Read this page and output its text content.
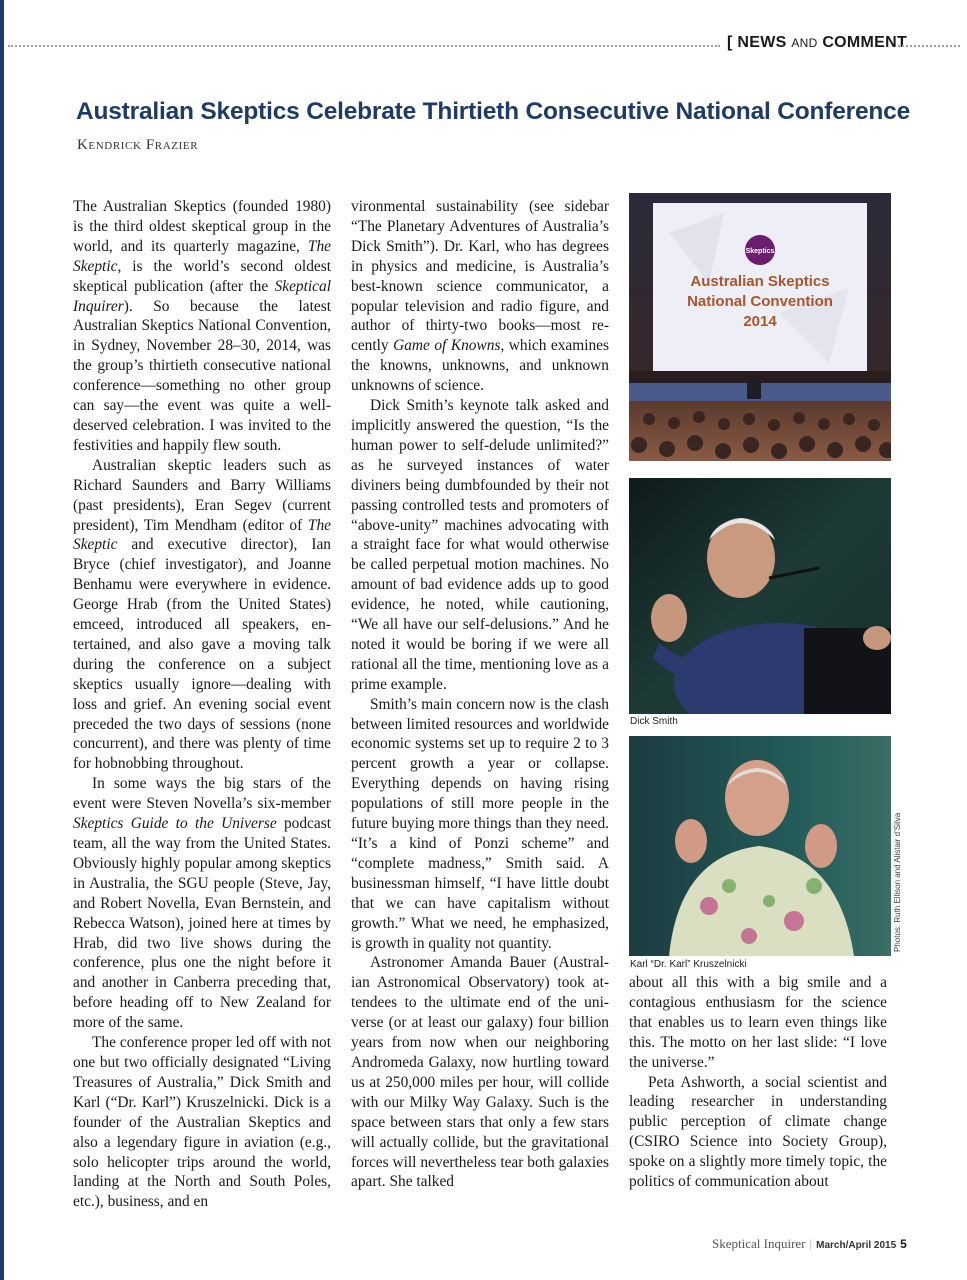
[ NEWS AND COMMENT
Australian Skeptics Celebrate Thirtieth Consecutive National Conference
Kendrick Frazier

The Australian Skeptics (founded 1980) is the third oldest skeptical group in the world, and its quarterly magazine, The Skeptic, is the world’s second oldest skeptical publication (after the Skeptical Inquirer). So because the latest Australian Skeptics National Convention, in Sydney, November 28–30, 2014, was the group’s thirtieth consecutive national conference—something no other group can say—the event was quite a well-deserved celebration. I was invited to the festivities and happily flew south.

Australian skeptic leaders such as Richard Saunders and Barry Williams (past presidents), Eran Segev (current president), Tim Mendham (editor of The Skeptic and executive director), Ian Bryce (chief investigator), and Joanne Benhamu were everywhere in evidence. George Hrab (from the United States) emceed, introduced all speakers, entertained, and also gave a moving talk during the conference on a subject skeptics usually ignore—dealing with loss and grief. An evening social event preceded the two days of sessions (none concurrent), and there was plenty of time for hobnobbing throughout.

In some ways the big stars of the event were Steven Novella’s six-member Skeptics Guide to the Universe podcast team, all the way from the United States. Obviously highly popular among skeptics in Australia, the SGU people (Steve, Jay, and Robert Novella, Evan Bernstein, and Rebecca Watson), joined here at times by Hrab, did two live shows during the conference, plus one the night before it and another in Canberra preceding that, before heading off to New Zealand for more of the same.

The conference proper led off with not one but two officially designated “Living Treasures of Australia,” Dick Smith and Karl (“Dr. Karl”) Kruszelnicki. Dick is a founder of the Australian Skeptics and also a legendary figure in aviation (e.g., solo helicopter trips around the world, landing at the North and South Poles, etc.), business, and en

vironmental sustainability (see sidebar “The Planetary Adventures of Australia’s Dick Smith”). Dr. Karl, who has degrees in physics and medicine, is Australia’s best-known science communicator, a popular television and radio figure, and author of thirty-two books—most recently Game of Knowns, which examines the knowns, unknowns, and unknown unknowns of science.

Dick Smith’s keynote talk asked and implicitly answered the question, “Is the human power to self-delude unlimited?” as he surveyed instances of water diviners being dumbfounded by their not passing controlled tests and promoters of “above-unity” machines advocating with a straight face for what would otherwise be called perpetual motion machines. No amount of bad evidence adds up to good evidence, he noted, while cautioning, “We all have our self-delusions.” And he noted it would be boring if we were all rational all the time, mentioning love as a prime example.

Smith’s main concern now is the clash between limited resources and worldwide economic systems set up to require 2 to 3 percent growth a year or collapse. Everything depends on having rising populations of still more people in the future buying more things than they need. “It’s a kind of Ponzi scheme” and “complete madness,” Smith said. A businessman himself, “I have little doubt that we can have capitalism without growth.” What we need, he emphasized, is growth in quality not quantity.

Astronomer Amanda Bauer (Australian Astronomical Observatory) took attendees to the ultimate end of the universe (or at least our galaxy) four billion years from now when our neighboring Andromeda Galaxy, now hurtling toward us at 250,000 miles per hour, will collide with our Milky Way Galaxy. Such is the space between stars that only a few stars will actually collide, but the gravitational forces will nevertheless tear both galaxies apart. She talked

Skeptics
Australian Skeptics
National Convention
2014
Dick Smith
Karl “Dr. Karl” Kruszelnicki
Photos: Ruth Ellison and Alistair d’Silva

about all this with a big smile and a contagious enthusiasm for the science that enables us to learn even things like this. The motto on her last slide: “I love the universe.”

Peta Ashworth, a social scientist and leading researcher in understanding public perception of climate change (CSIRO Science into Society Group), spoke on a slightly more timely topic, the politics of communication about

Skeptical Inquirer | March/April 2015 5
